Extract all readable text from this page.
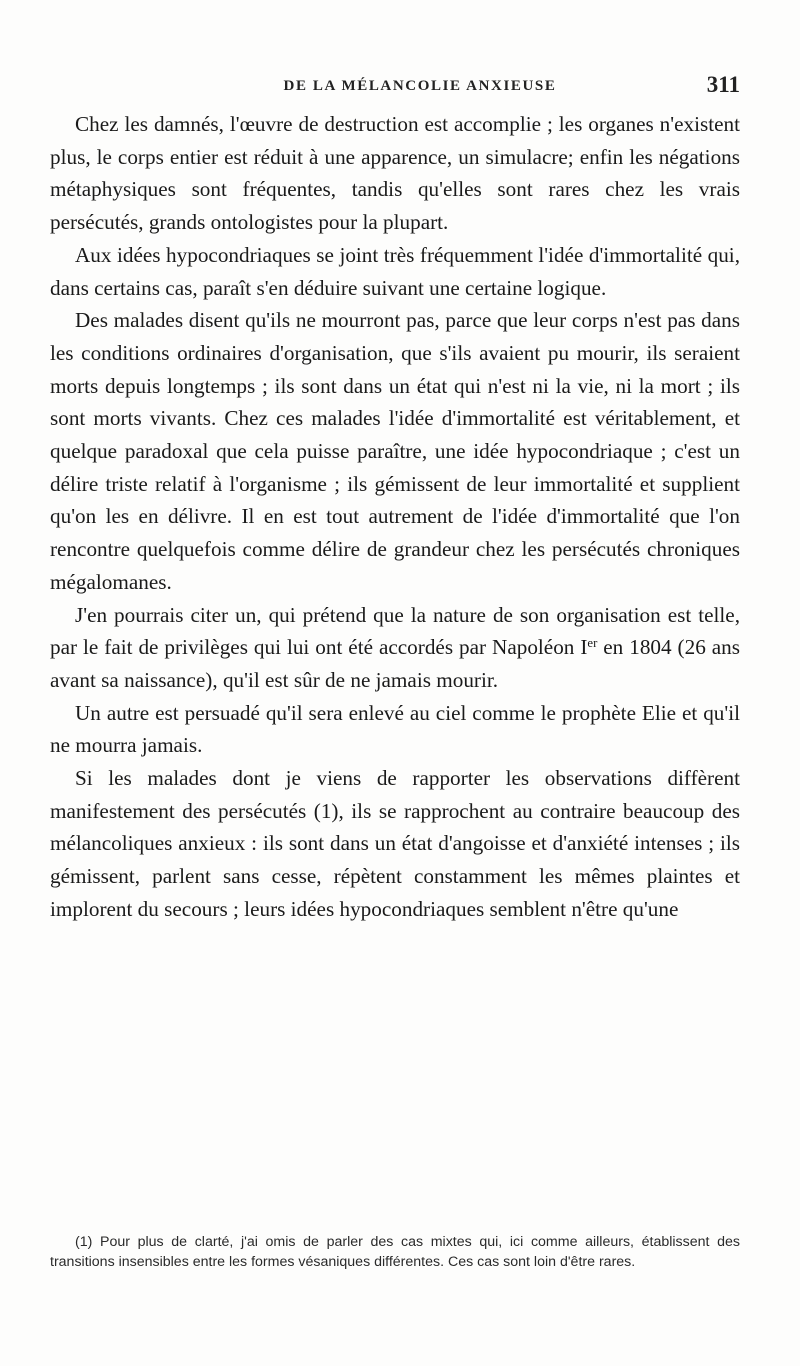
DE LA MÉLANCOLIE ANXIEUSE	311

Chez les damnés, l'œuvre de destruction est accomplie ; les organes n'existent plus, le corps entier est réduit à une apparence, un simulacre; enfin les négations métaphysiques sont fréquentes, tandis qu'elles sont rares chez les vrais persécutés, grands ontologistes pour la plupart.

Aux idées hypocondriaques se joint très fréquemment l'idée d'immortalité qui, dans certains cas, paraît s'en déduire suivant une certaine logique.

Des malades disent qu'ils ne mourront pas, parce que leur corps n'est pas dans les conditions ordinaires d'organisation, que s'ils avaient pu mourir, ils seraient morts depuis longtemps ; ils sont dans un état qui n'est ni la vie, ni la mort ; ils sont morts vivants. Chez ces malades l'idée d'immortalité est véritablement, et quelque paradoxal que cela puisse paraître, une idée hypocondriaque ; c'est un délire triste relatif à l'organisme ; ils gémissent de leur immortalité et supplient qu'on les en délivre. Il en est tout autrement de l'idée d'immortalité que l'on rencontre quelquefois comme délire de grandeur chez les persécutés chroniques mégalomanes.

J'en pourrais citer un, qui prétend que la nature de son organisation est telle, par le fait de privilèges qui lui ont été accordés par Napoléon Ier en 1804 (26 ans avant sa naissance), qu'il est sûr de ne jamais mourir.

Un autre est persuadé qu'il sera enlevé au ciel comme le prophète Elie et qu'il ne mourra jamais.

Si les malades dont je viens de rapporter les observations diffèrent manifestement des persécutés (1), ils se rapprochent au contraire beaucoup des mélancoliques anxieux : ils sont dans un état d'angoisse et d'anxiété intenses ; ils gémissent, parlent sans cesse, répètent constamment les mêmes plaintes et implorent du secours ; leurs idées hypocondriaques semblent n'être qu'une

(1) Pour plus de clarté, j'ai omis de parler des cas mixtes qui, ici comme ailleurs, établissent des transitions insensibles entre les formes vésaniques différentes. Ces cas sont loin d'être rares.
